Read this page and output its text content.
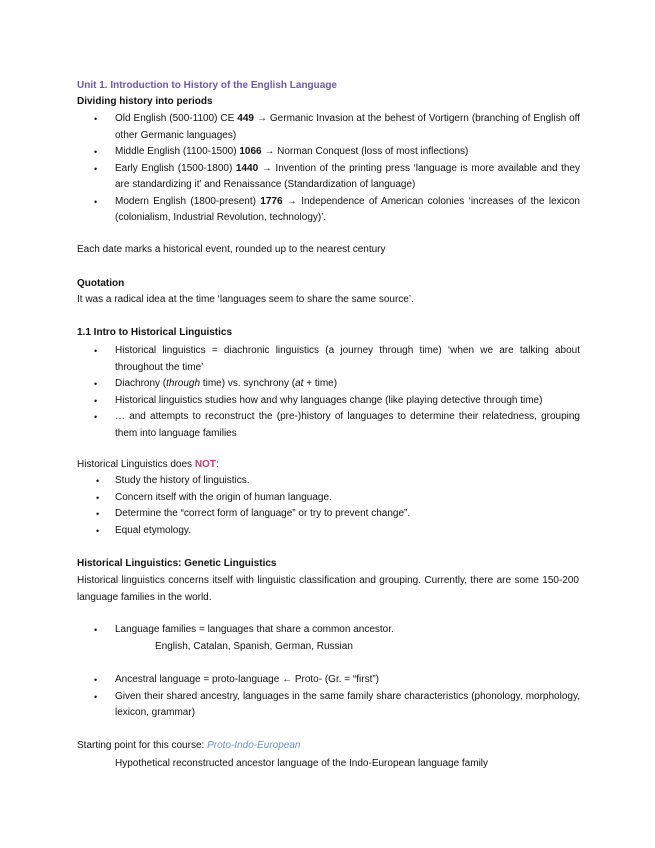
Unit 1. Introduction to History of the English Language
Dividing history into periods
• Old English (500-1100) CE 449 → Germanic Invasion at the behest of Vortigern (branching of English off other Germanic languages)
• Middle English (1100-1500) 1066 → Norman Conquest (loss of most inflections)
• Early English (1500-1800) 1440 → Invention of the printing press ‘language is more available and they are standardizing it’ and Renaissance (Standardization of language)
• Modern English (1800-present) 1776 → Independence of American colonies ‘increases of the lexicon (colonialism, Industrial Revolution, technology)’.
Each date marks a historical event, rounded up to the nearest century
Quotation
It was a radical idea at the time ‘languages seem to share the same source’.
1.1 Intro to Historical Linguistics
• Historical linguistics = diachronic linguistics (a journey through time) ‘when we are talking about throughout the time’
• Diachrony (through time) vs. synchrony (at + time)
• Historical linguistics studies how and why languages change (like playing detective through time)
• … and attempts to reconstruct the (pre-)history of languages to determine their relatedness, grouping them into language families
Historical Linguistics does NOT:
• Study the history of linguistics.
• Concern itself with the origin of human language.
• Determine the “correct form of language” or try to prevent change”.
• Equal etymology.
Historical Linguistics: Genetic Linguistics
Historical linguistics concerns itself with linguistic classification and grouping. Currently, there are some 150-200 language families in the world.
• Language families = languages that share a common ancestor.
English, Catalan, Spanish, German, Russian
• Ancestral language = proto-language ← Proto- (Gr. = “first”)
• Given their shared ancestry, languages in the same family share characteristics (phonology, morphology, lexicon, grammar)
Starting point for this course: Proto-Indo-European
Hypothetical reconstructed ancestor language of the Indo-European language family
